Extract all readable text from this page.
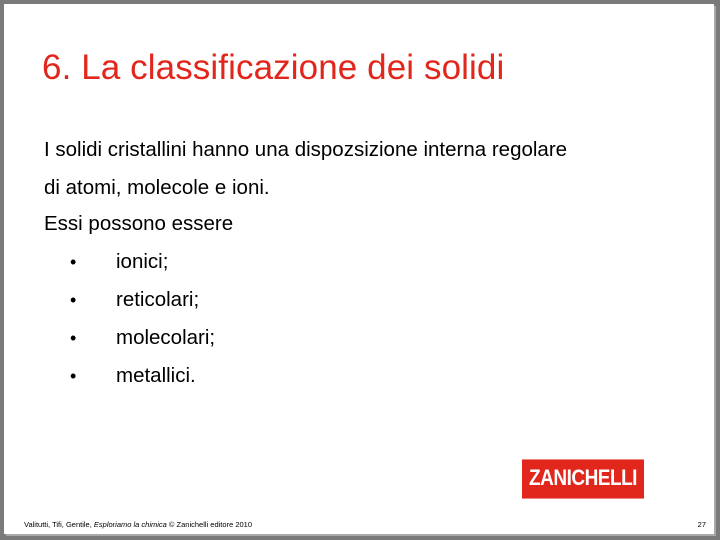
6. La classificazione dei solidi
I solidi cristallini hanno una dispozsizione interna regolare
di atomi, molecole e ioni.
Essi possono essere
• ionici;
• reticolari;
• molecolari;
• metallici.
ZANICHELLI
Valitutti, Tifi, Gentile, Esploriamo la chimica © Zanichelli editore 2010	27
